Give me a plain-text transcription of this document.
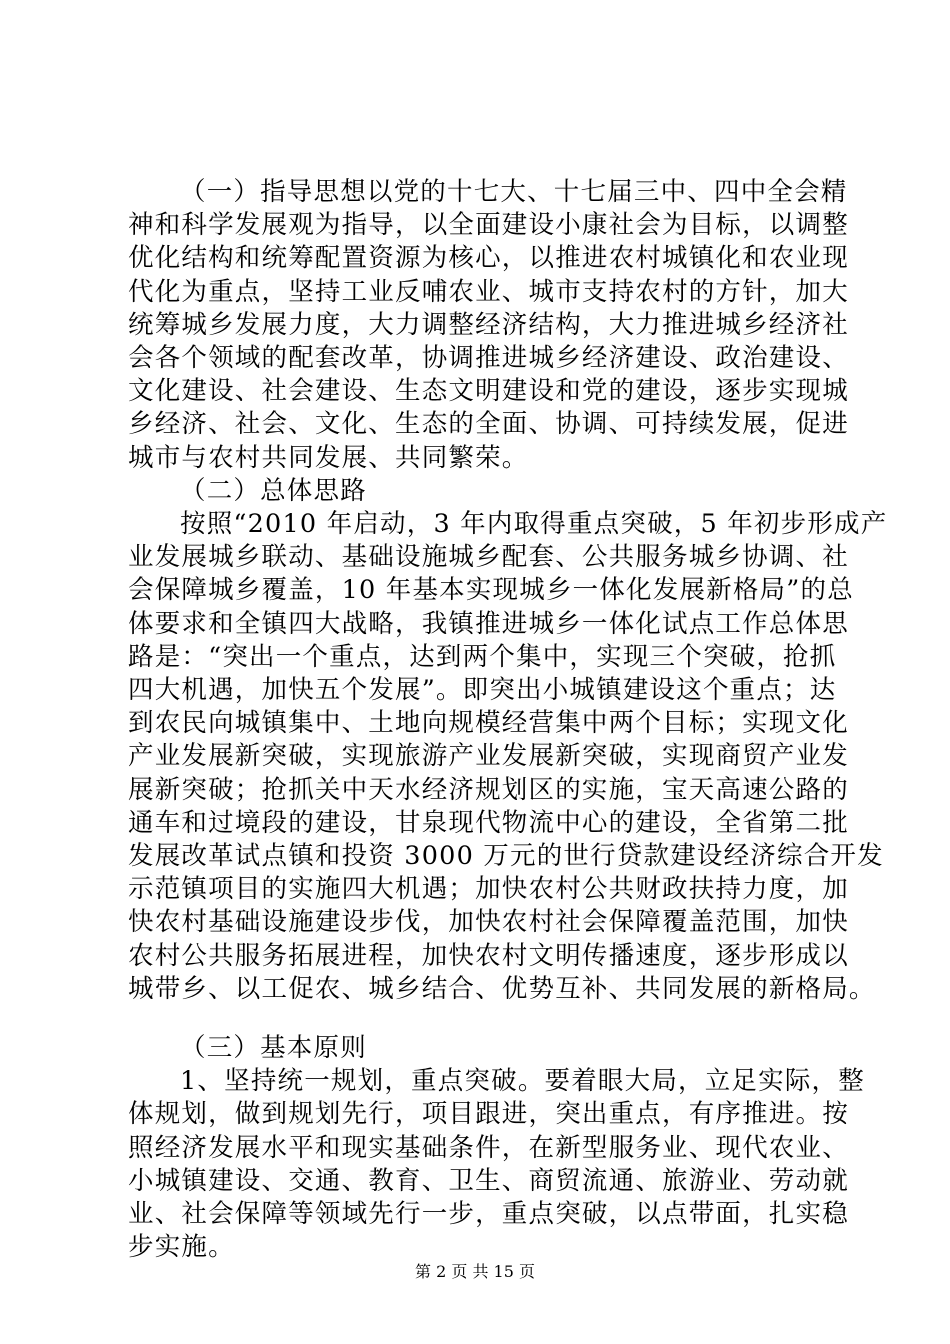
（一）指导思想以党的十七大、十七届三中、四中全会精
神和科学发展观为指导，以全面建设小康社会为目标，以调整
优化结构和统筹配置资源为核心，以推进农村城镇化和农业现
代化为重点，坚持工业反哺农业、城市支持农村的方针，加大
统筹城乡发展力度，大力调整经济结构，大力推进城乡经济社
会各个领域的配套改革，协调推进城乡经济建设、政治建设、
文化建设、社会建设、生态文明建设和党的建设，逐步实现城
乡经济、社会、文化、生态的全面、协调、可持续发展，促进
城市与农村共同发展、共同繁荣。
（二）总体思路
按照“2010 年启动，3 年内取得重点突破，5 年初步形成产
业发展城乡联动、基础设施城乡配套、公共服务城乡协调、社
会保障城乡覆盖，10 年基本实现城乡一体化发展新格局”的总
体要求和全镇四大战略，我镇推进城乡一体化试点工作总体思
路是：“突出一个重点，达到两个集中，实现三个突破，抢抓
四大机遇，加快五个发展”。即突出小城镇建设这个重点；达
到农民向城镇集中、土地向规模经营集中两个目标；实现文化
产业发展新突破，实现旅游产业发展新突破，实现商贸产业发
展新突破；抢抓关中天水经济规划区的实施，宝天高速公路的
通车和过境段的建设，甘泉现代物流中心的建设，全省第二批
发展改革试点镇和投资 3000 万元的世行贷款建设经济综合开发
示范镇项目的实施四大机遇；加快农村公共财政扶持力度，加
快农村基础设施建设步伐，加快农村社会保障覆盖范围，加快
农村公共服务拓展进程，加快农村文明传播速度，逐步形成以
城带乡、以工促农、城乡结合、优势互补、共同发展的新格局。
（三）基本原则
1、坚持统一规划，重点突破。要着眼大局，立足实际，整
体规划，做到规划先行，项目跟进，突出重点，有序推进。按
照经济发展水平和现实基础条件，在新型服务业、现代农业、
小城镇建设、交通、教育、卫生、商贸流通、旅游业、劳动就
业、社会保障等领域先行一步，重点突破，以点带面，扎实稳
步实施。
第 2 页 共 15 页
